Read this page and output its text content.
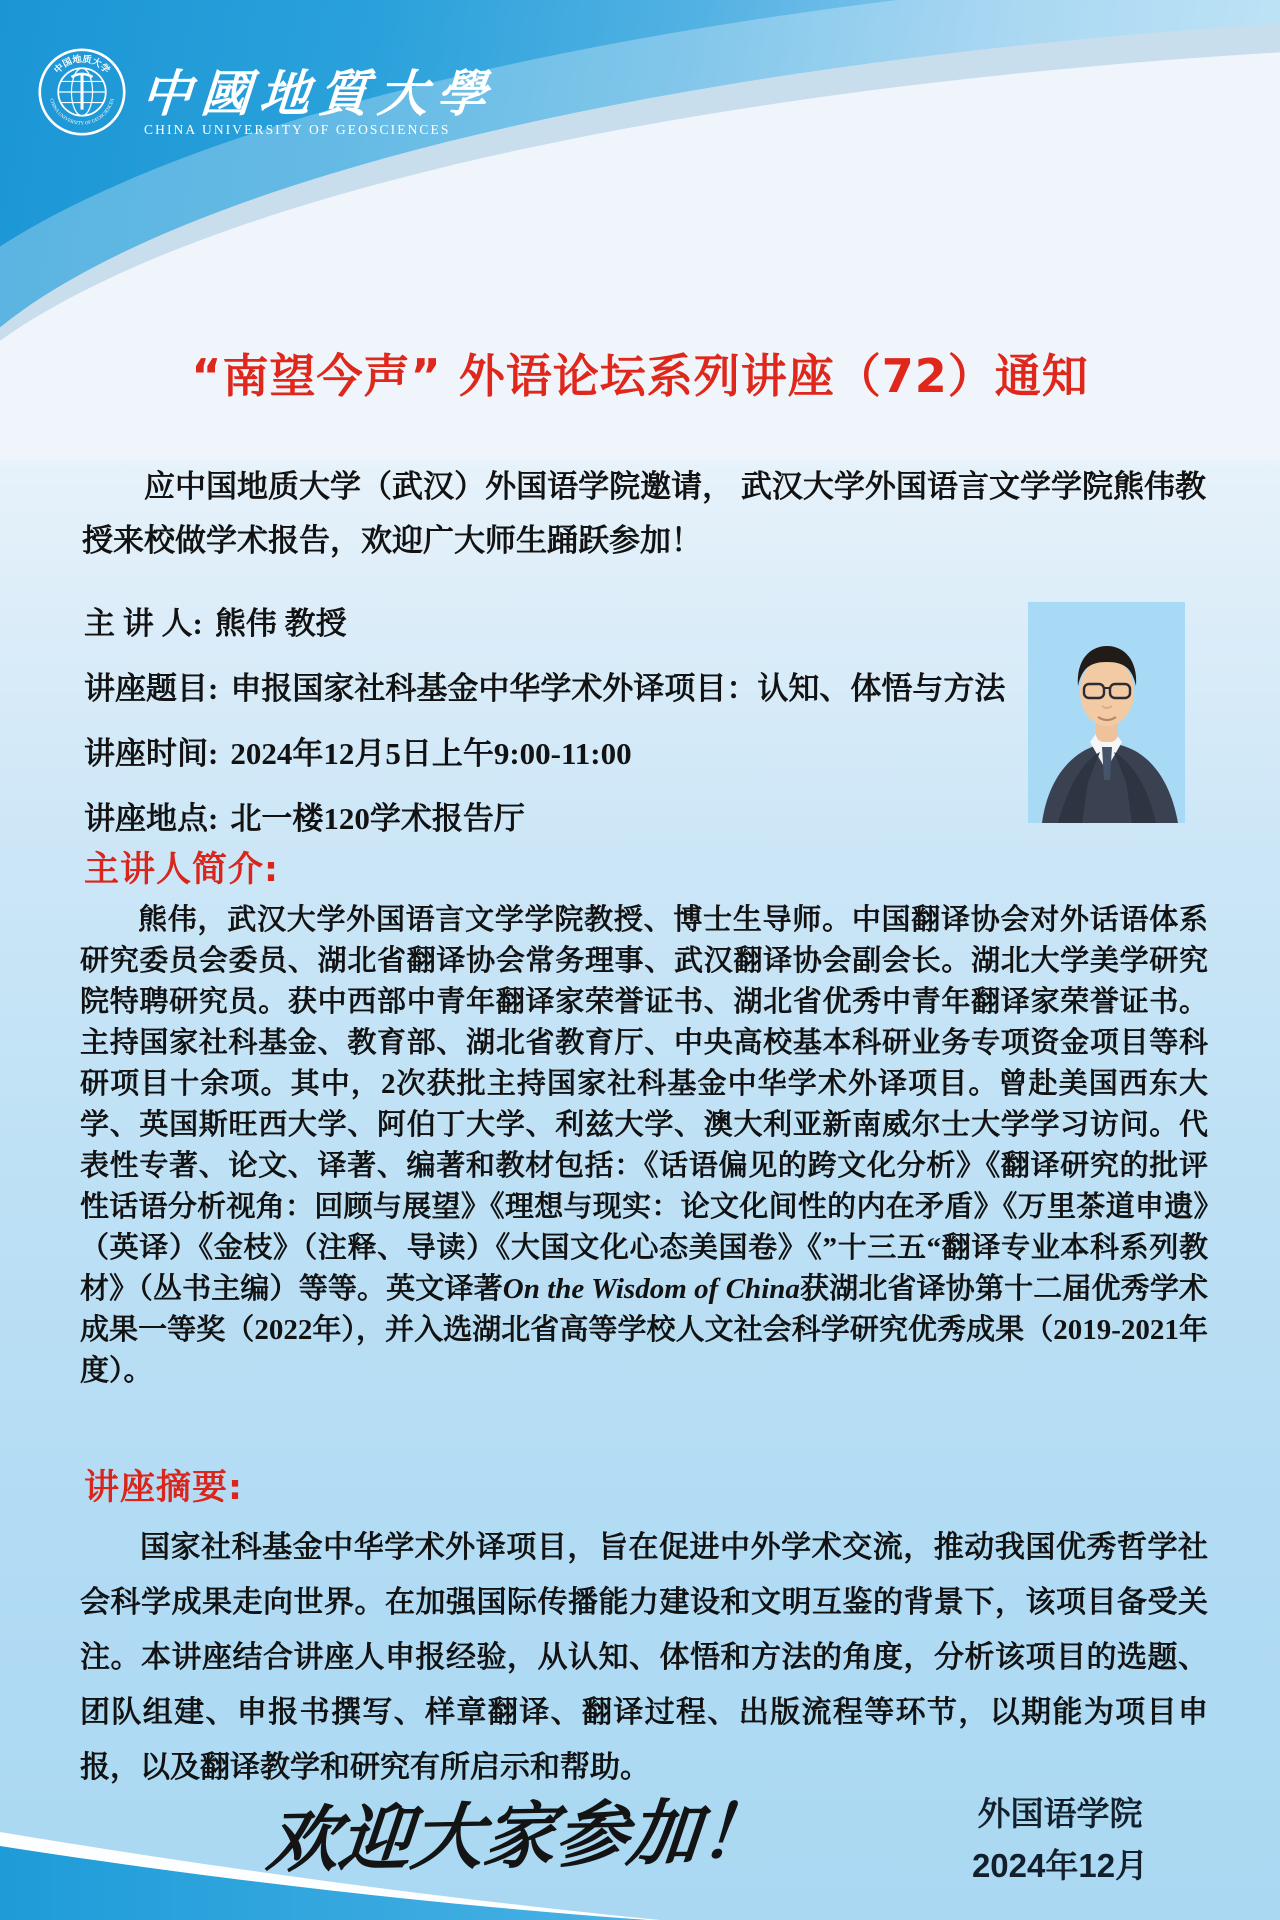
中国地质大学
CHINA UNIVERSITY OF GEOSCIENCES 中國地質大學
CHINA UNIVERSITY OF GEOSCIENCES
“南望今声” 外语论坛系列讲座（72）通知
应中国地质大学（武汉）外国语学院邀请， 武汉大学外国语言文学学院熊伟教授来校做学术报告，欢迎广大师生踊跃参加！
主 讲 人: 熊伟 教授
讲座题目: 申报国家社科基金中华学术外译项目：认知、体悟与方法
讲座时间: 2024年12月5日上午9:00-11:00
讲座地点: 北一楼120学术报告厅
主讲人简介:
熊伟，武汉大学外国语言文学学院教授、博士生导师。中国翻译协会对外话语体系研究委员会委员、湖北省翻译协会常务理事、武汉翻译协会副会长。湖北大学美学研究院特聘研究员。获中西部中青年翻译家荣誉证书、湖北省优秀中青年翻译家荣誉证书。主持国家社科基金、教育部、湖北省教育厅、中央高校基本科研业务专项资金项目等科研项目十余项。其中，2次获批主持国家社科基金中华学术外译项目。曾赴美国西东大学、英国斯旺西大学、阿伯丁大学、利兹大学、澳大利亚新南威尔士大学学习访问。代表性专著、论文、译著、编著和教材包括：《话语偏见的跨文化分析》《翻译研究的批评性话语分析视角：回顾与展望》《理想与现实：论文化间性的内在矛盾》《万里茶道申遗》（英译）《金枝》（注释、导读）《大国文化心态美国卷》《”十三五“翻译专业本科系列教材》（丛书主编）等等。英文译著On the Wisdom of China获湖北省译协第十二届优秀学术成果一等奖（2022年），并入选湖北省高等学校人文社会科学研究优秀成果（2019-2021年度）。
讲座摘要:
国家社科基金中华学术外译项目，旨在促进中外学术交流，推动我国优秀哲学社会科学成果走向世界。在加强国际传播能力建设和文明互鉴的背景下，该项目备受关注。本讲座结合讲座人申报经验，从认知、体悟和方法的角度，分析该项目的选题、团队组建、申报书撰写、样章翻译、翻译过程、出版流程等环节，以期能为项目申报，以及翻译教学和研究有所启示和帮助。
欢迎大家参加！	外国语学院
2024年12月
